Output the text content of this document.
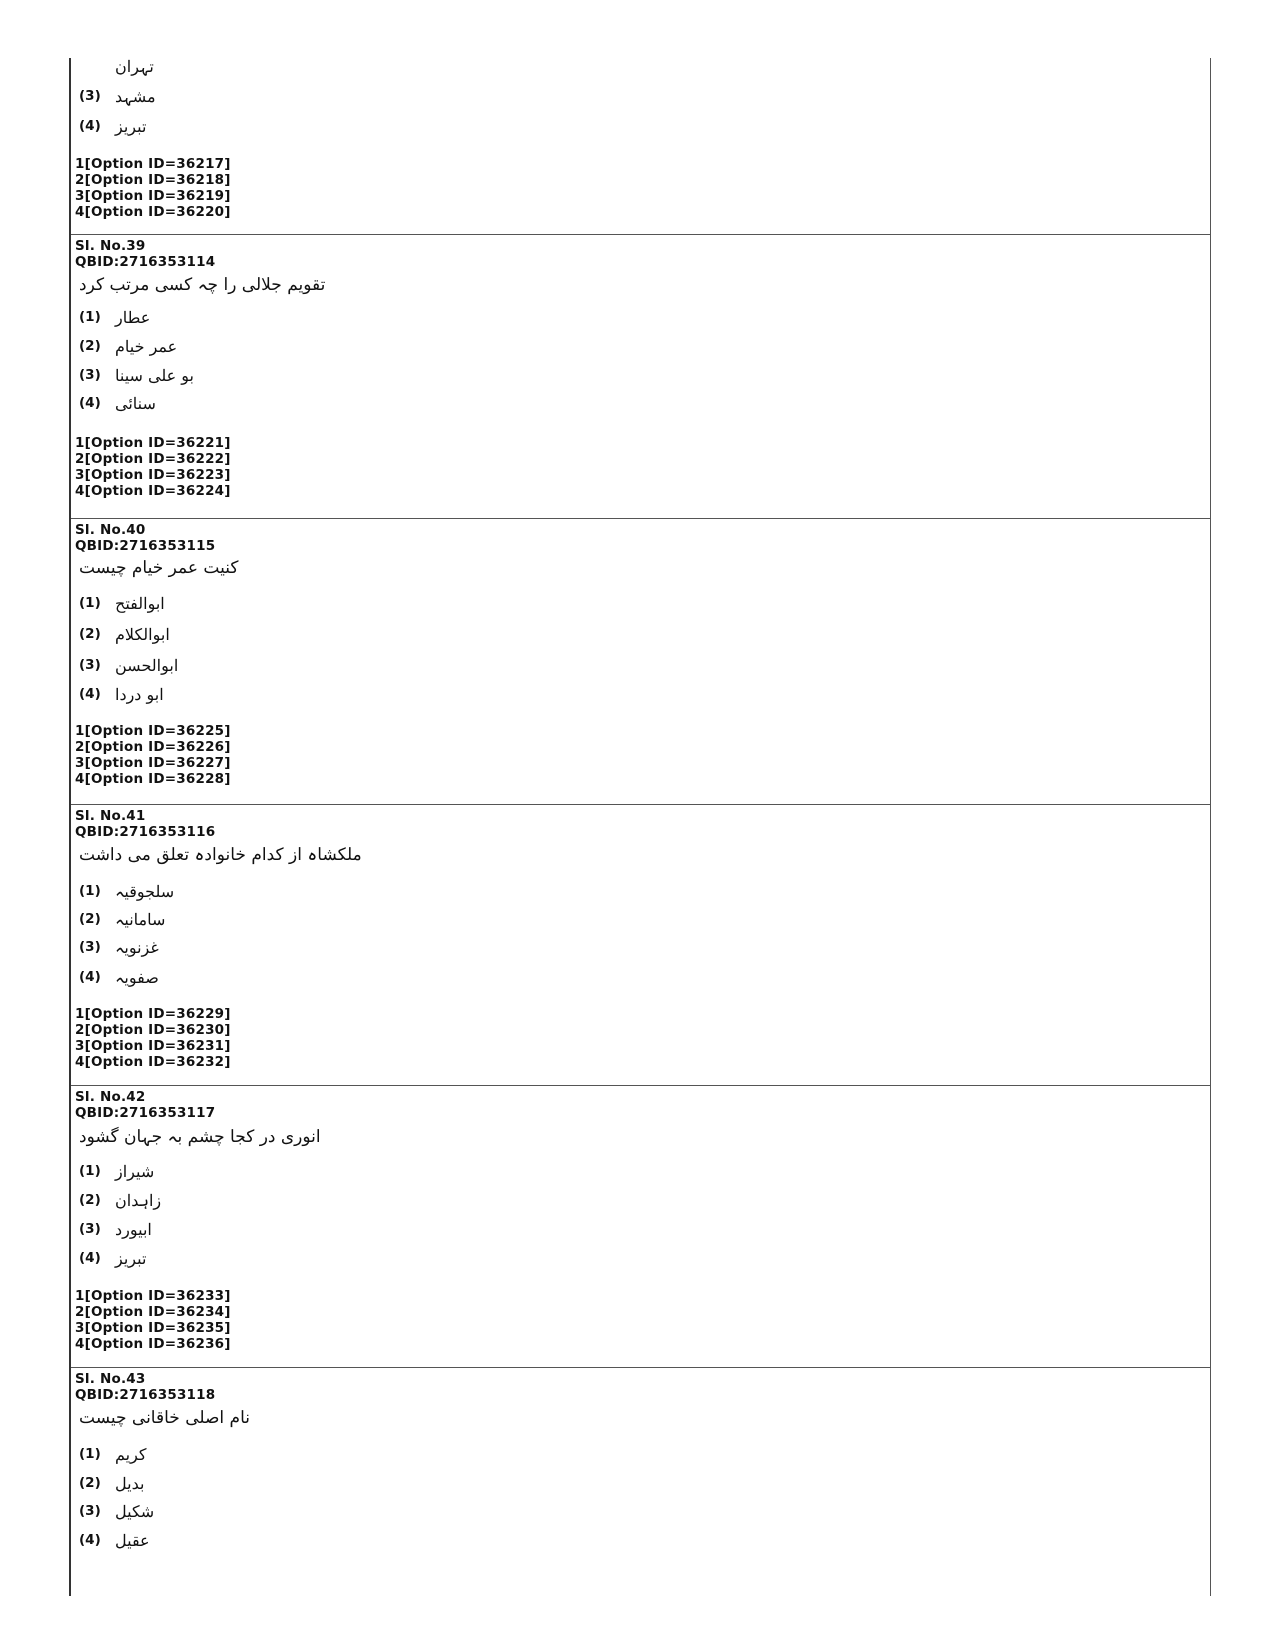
تہران
(3) مشہد
(4) تبریز
1[Option ID=36217]
2[Option ID=36218]
3[Option ID=36219]
4[Option ID=36220]
Sl. No.39
QBID:2716353114
تقویم جلالی را چہ کسی مرتب کرد
(1) عطار
(2) عمر خیام
(3) بو علی سینا
(4) سنائی
1[Option ID=36221]
2[Option ID=36222]
3[Option ID=36223]
4[Option ID=36224]
Sl. No.40
QBID:2716353115
کنیت عمر خیام چیست
(1) ابوالفتح
(2) ابوالکلام
(3) ابوالحسن
(4) ابو دردا
1[Option ID=36225]
2[Option ID=36226]
3[Option ID=36227]
4[Option ID=36228]
Sl. No.41
QBID:2716353116
ملکشاہ از کدام خانوادہ تعلق می داشت
(1) سلجوقیہ
(2) سامانیہ
(3) غزنویہ
(4) صفویہ
1[Option ID=36229]
2[Option ID=36230]
3[Option ID=36231]
4[Option ID=36232]
Sl. No.42
QBID:2716353117
انوری در کجا چشم بہ جہان گشود
(1) شیراز
(2) زاہدان
(3) ابیورد
(4) تبریز
1[Option ID=36233]
2[Option ID=36234]
3[Option ID=36235]
4[Option ID=36236]
Sl. No.43
QBID:2716353118
نام اصلی خاقانی چیست
(1) کریم
(2) بدیل
(3) شکیل
(4) عقیل
